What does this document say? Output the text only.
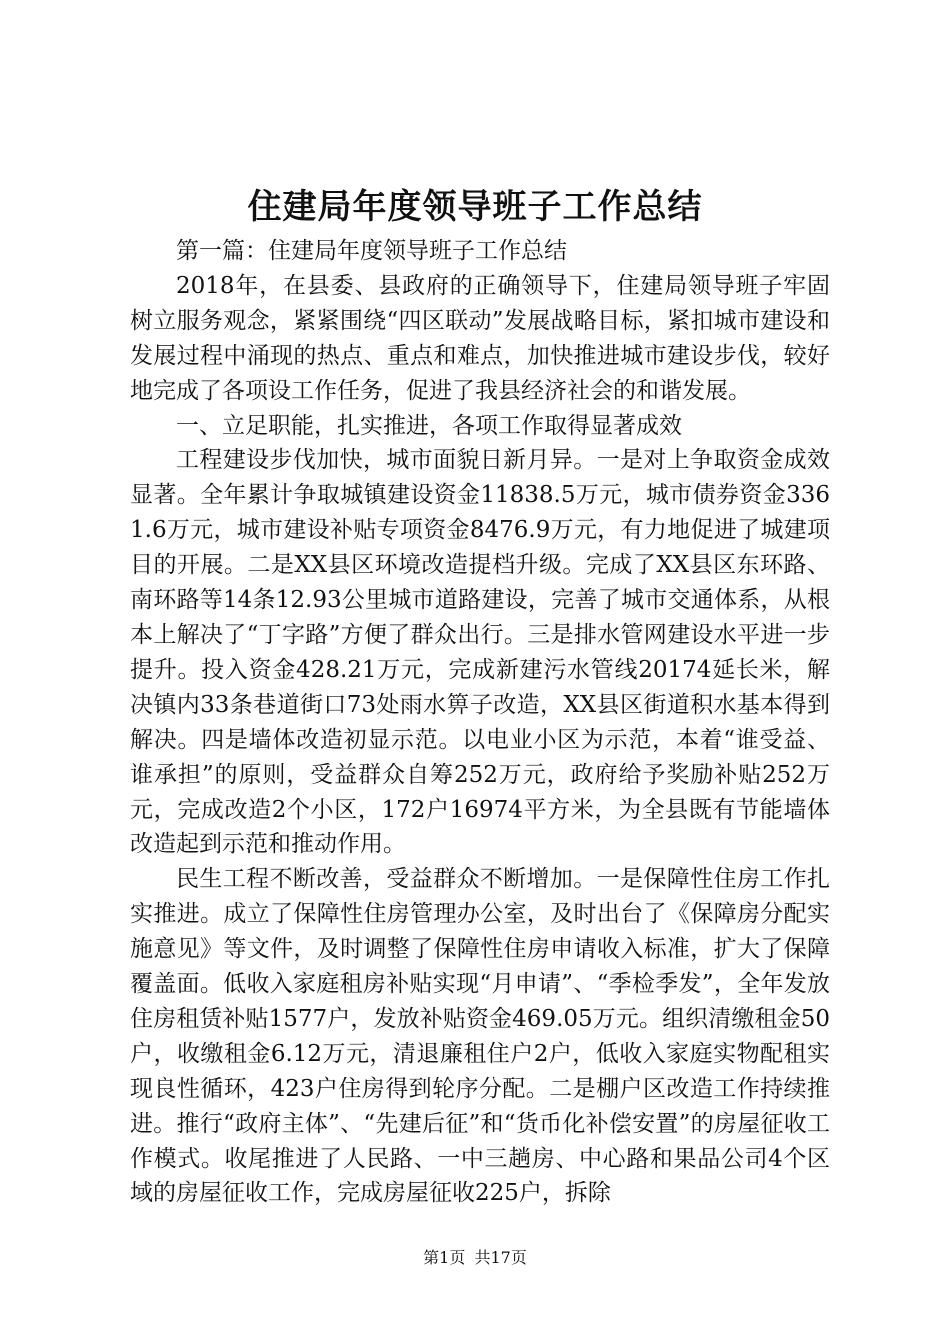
住建局年度领导班子工作总结

第一篇：住建局年度领导班子工作总结

2018年，在县委、县政府的正确领导下，住建局领导班子牢固树立服务观念，紧紧围绕“四区联动”发展战略目标，紧扣城市建设和发展过程中涌现的热点、重点和难点，加快推进城市建设步伐，较好地完成了各项设工作任务，促进了我县经济社会的和谐发展。

一、立足职能，扎实推进，各项工作取得显著成效

工程建设步伐加快，城市面貌日新月异。一是对上争取资金成效显著。全年累计争取城镇建设资金11838.5万元，城市债券资金3361.6万元，城市建设补贴专项资金8476.9万元，有力地促进了城建项目的开展。二是XX县区环境改造提档升级。完成了XX县区东环路、南环路等14条12.93公里城市道路建设，完善了城市交通体系，从根本上解决了“丁字路”方便了群众出行。三是排水管网建设水平进一步提升。投入资金428.21万元，完成新建污水管线20174延长米，解决镇内33条巷道街口73处雨水箅子改造，XX县区街道积水基本得到解决。四是墙体改造初显示范。以电业小区为示范，本着“谁受益、谁承担”的原则，受益群众自筹252万元，政府给予奖励补贴252万元，完成改造2个小区，172户16974平方米，为全县既有节能墙体改造起到示范和推动作用。

民生工程不断改善，受益群众不断增加。一是保障性住房工作扎实推进。成立了保障性住房管理办公室，及时出台了《保障房分配实施意见》等文件，及时调整了保障性住房申请收入标准，扩大了保障覆盖面。低收入家庭租房补贴实现“月申请”、“季检季发”，全年发放住房租赁补贴1577户，发放补贴资金469.05万元。组织清缴租金50户，收缴租金6.12万元，清退廉租住户2户，低收入家庭实物配租实现良性循环，423户住房得到轮序分配。二是棚户区改造工作持续推进。推行“政府主体”、“先建后征”和“货币化补偿安置”的房屋征收工作模式。收尾推进了人民路、一中三趟房、中心路和果品公司4个区域的房屋征收工作，完成房屋征收225户，拆除

第1页 共17页
